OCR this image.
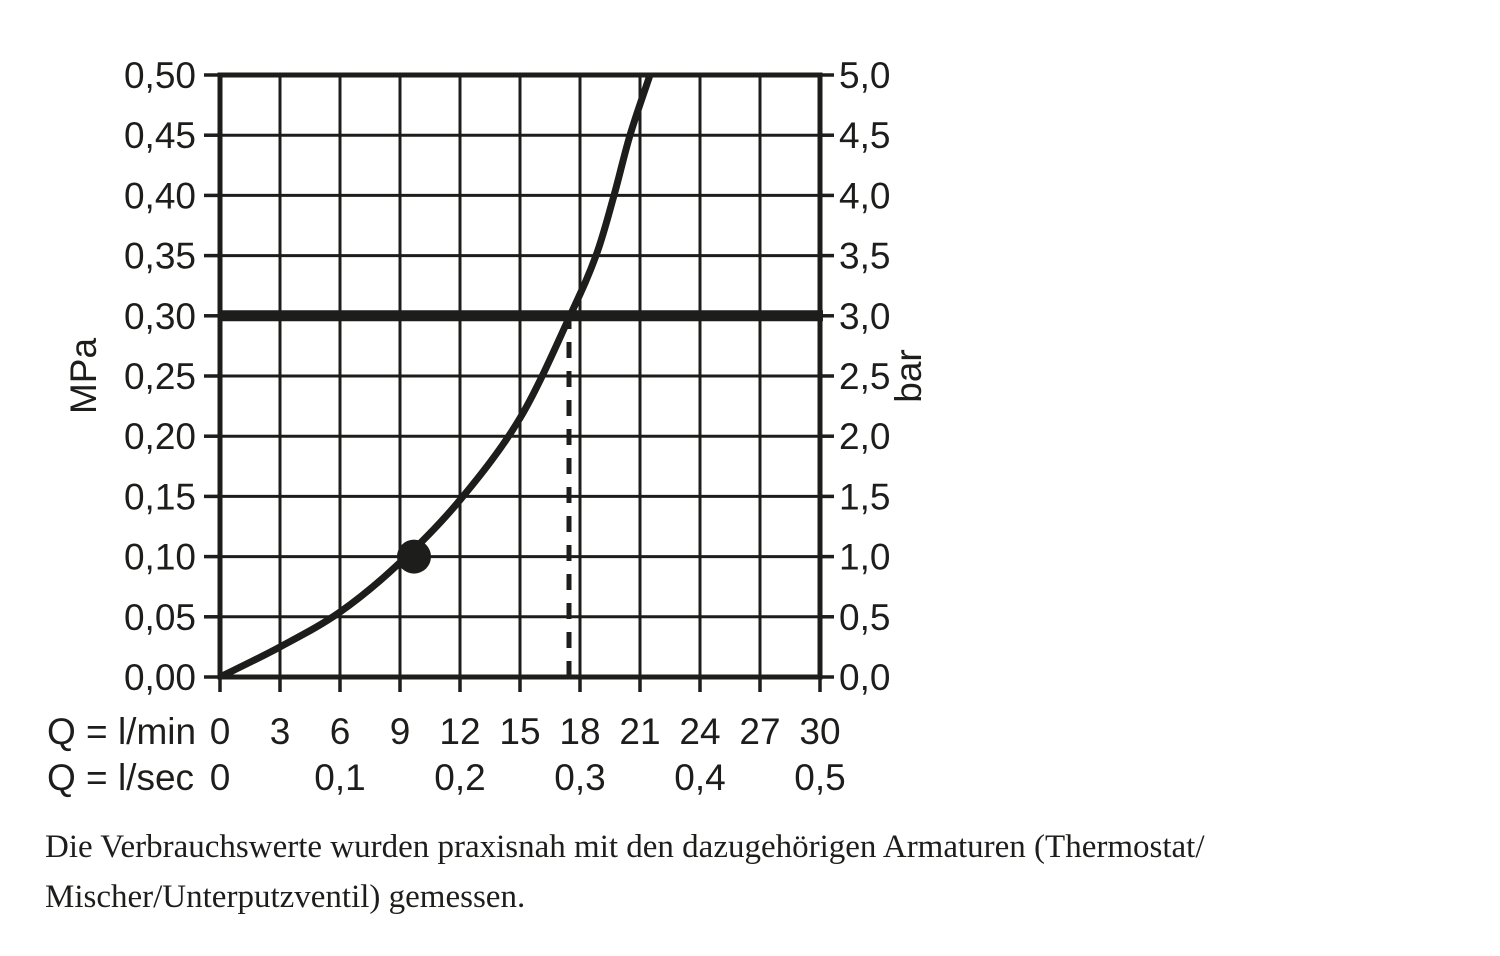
0,00
0,05
0,10
0,15
0,20
0,25
0,30
0,35
0,40
0,45
0,50
0,0
0,5
1,0
1,5
2,0
2,5
3,0
3,5
4,0
4,5
5,0
MPa	bar
Q = l/min 0 3 6 9 12 15 18 21 24 27 30
Q = l/sec 0 0,1 0,2 0,3 0,4 0,5
Die Verbrauchswerte wurden praxisnah mit den dazugehörigen Armaturen (Thermostat/
Mischer/Unterputzventil) gemessen.
